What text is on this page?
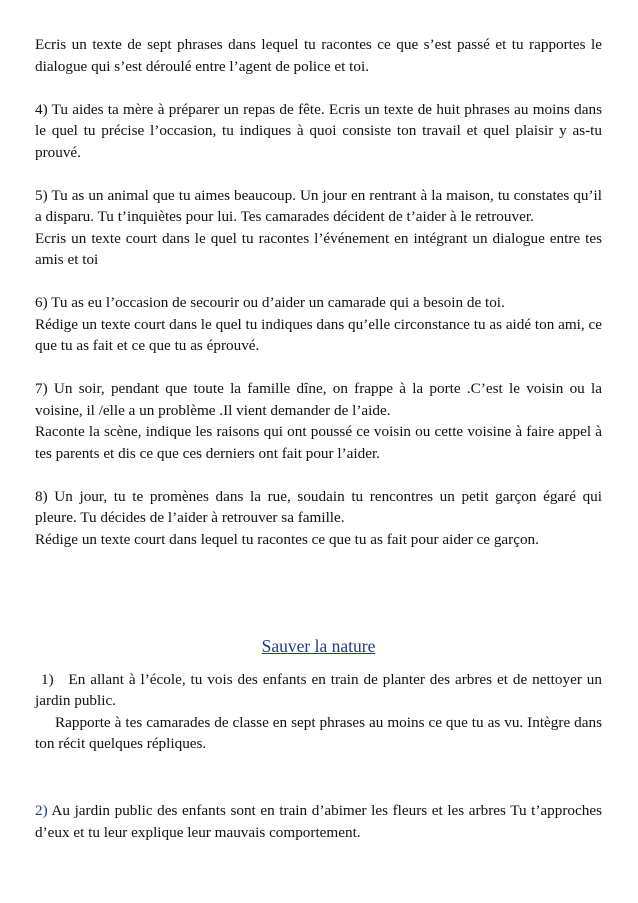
Ecris un texte de sept phrases dans lequel tu racontes ce que s’est passé et tu rapportes le dialogue qui s’est déroulé entre l’agent de police et toi.

4) Tu aides ta mère à préparer un repas de fête. Ecris un texte de huit phrases au moins dans le quel tu précise l’occasion, tu indiques à quoi consiste ton travail et quel plaisir y as-tu prouvé.

5) Tu as un animal que tu aimes beaucoup. Un jour en rentrant à la maison, tu constates qu’il a disparu. Tu t’inquiètes pour lui. Tes camarades décident de t’aider à le retrouver.

Ecris un texte court dans le quel tu racontes l’événement en intégrant un dialogue entre tes amis et toi

6) Tu as eu l’occasion de secourir ou d’aider un camarade qui a besoin de toi.

Rédige un texte court dans le quel tu indiques dans qu’elle circonstance tu as aidé ton ami, ce que tu as fait et ce que tu as éprouvé.

7) Un soir, pendant que toute la famille dîne, on frappe à la porte .C’est le voisin ou la voisine, il /elle a un problème .Il vient demander de l’aide.

Raconte la scène, indique les raisons qui ont poussé ce voisin ou cette voisine à faire appel à tes parents et dis ce que ces derniers ont fait pour l’aider.

8) Un jour, tu te promènes dans la rue, soudain tu rencontres un petit garçon égaré qui pleure. Tu décides de l’aider à retrouver sa famille.

Rédige un texte court dans lequel tu racontes ce que tu as fait pour aider ce garçon.

Sauver la nature

1) En allant à l’école, tu vois des enfants en train de planter des arbres et de nettoyer un jardin public.

Rapporte à tes camarades de classe en sept phrases au moins ce que tu as vu. Intègre dans ton récit quelques répliques.

2) Au jardin public des enfants sont en train d’abimer les fleurs et les arbres Tu t’approches d’eux et tu leur explique leur mauvais comportement.
